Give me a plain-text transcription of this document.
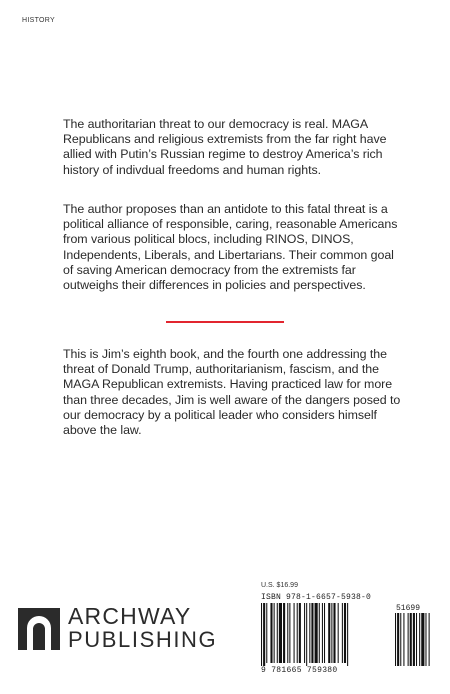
HISTORY
The authoritarian threat to our democracy is real. MAGA Republicans and religious extremists from the far right have allied with Putin’s Russian regime to destroy America’s rich history of indivdual freedoms and human rights.
The author proposes than an antidote to this fatal threat is a political alliance of responsible, caring, reasonable Americans from various political blocs, including RINOS, DINOS, Independents, Liberals, and Libertarians. Their common goal of saving American democracy from the extremists far outweighs their differences in policies and perspectives.
This is Jim’s eighth book, and the fourth one addressing the threat of Donald Trump, authoritarianism, fascism, and the MAGA Republican extremists. Having practiced law for more than three decades, Jim is well aware of the dangers posed to our democracy by a political leader who considers himself above the law.
U.S. $16.99
ARCHWAY
PUBLISHING
ISBN 978-1-6657-5938-0
51699
9 781665 759380
